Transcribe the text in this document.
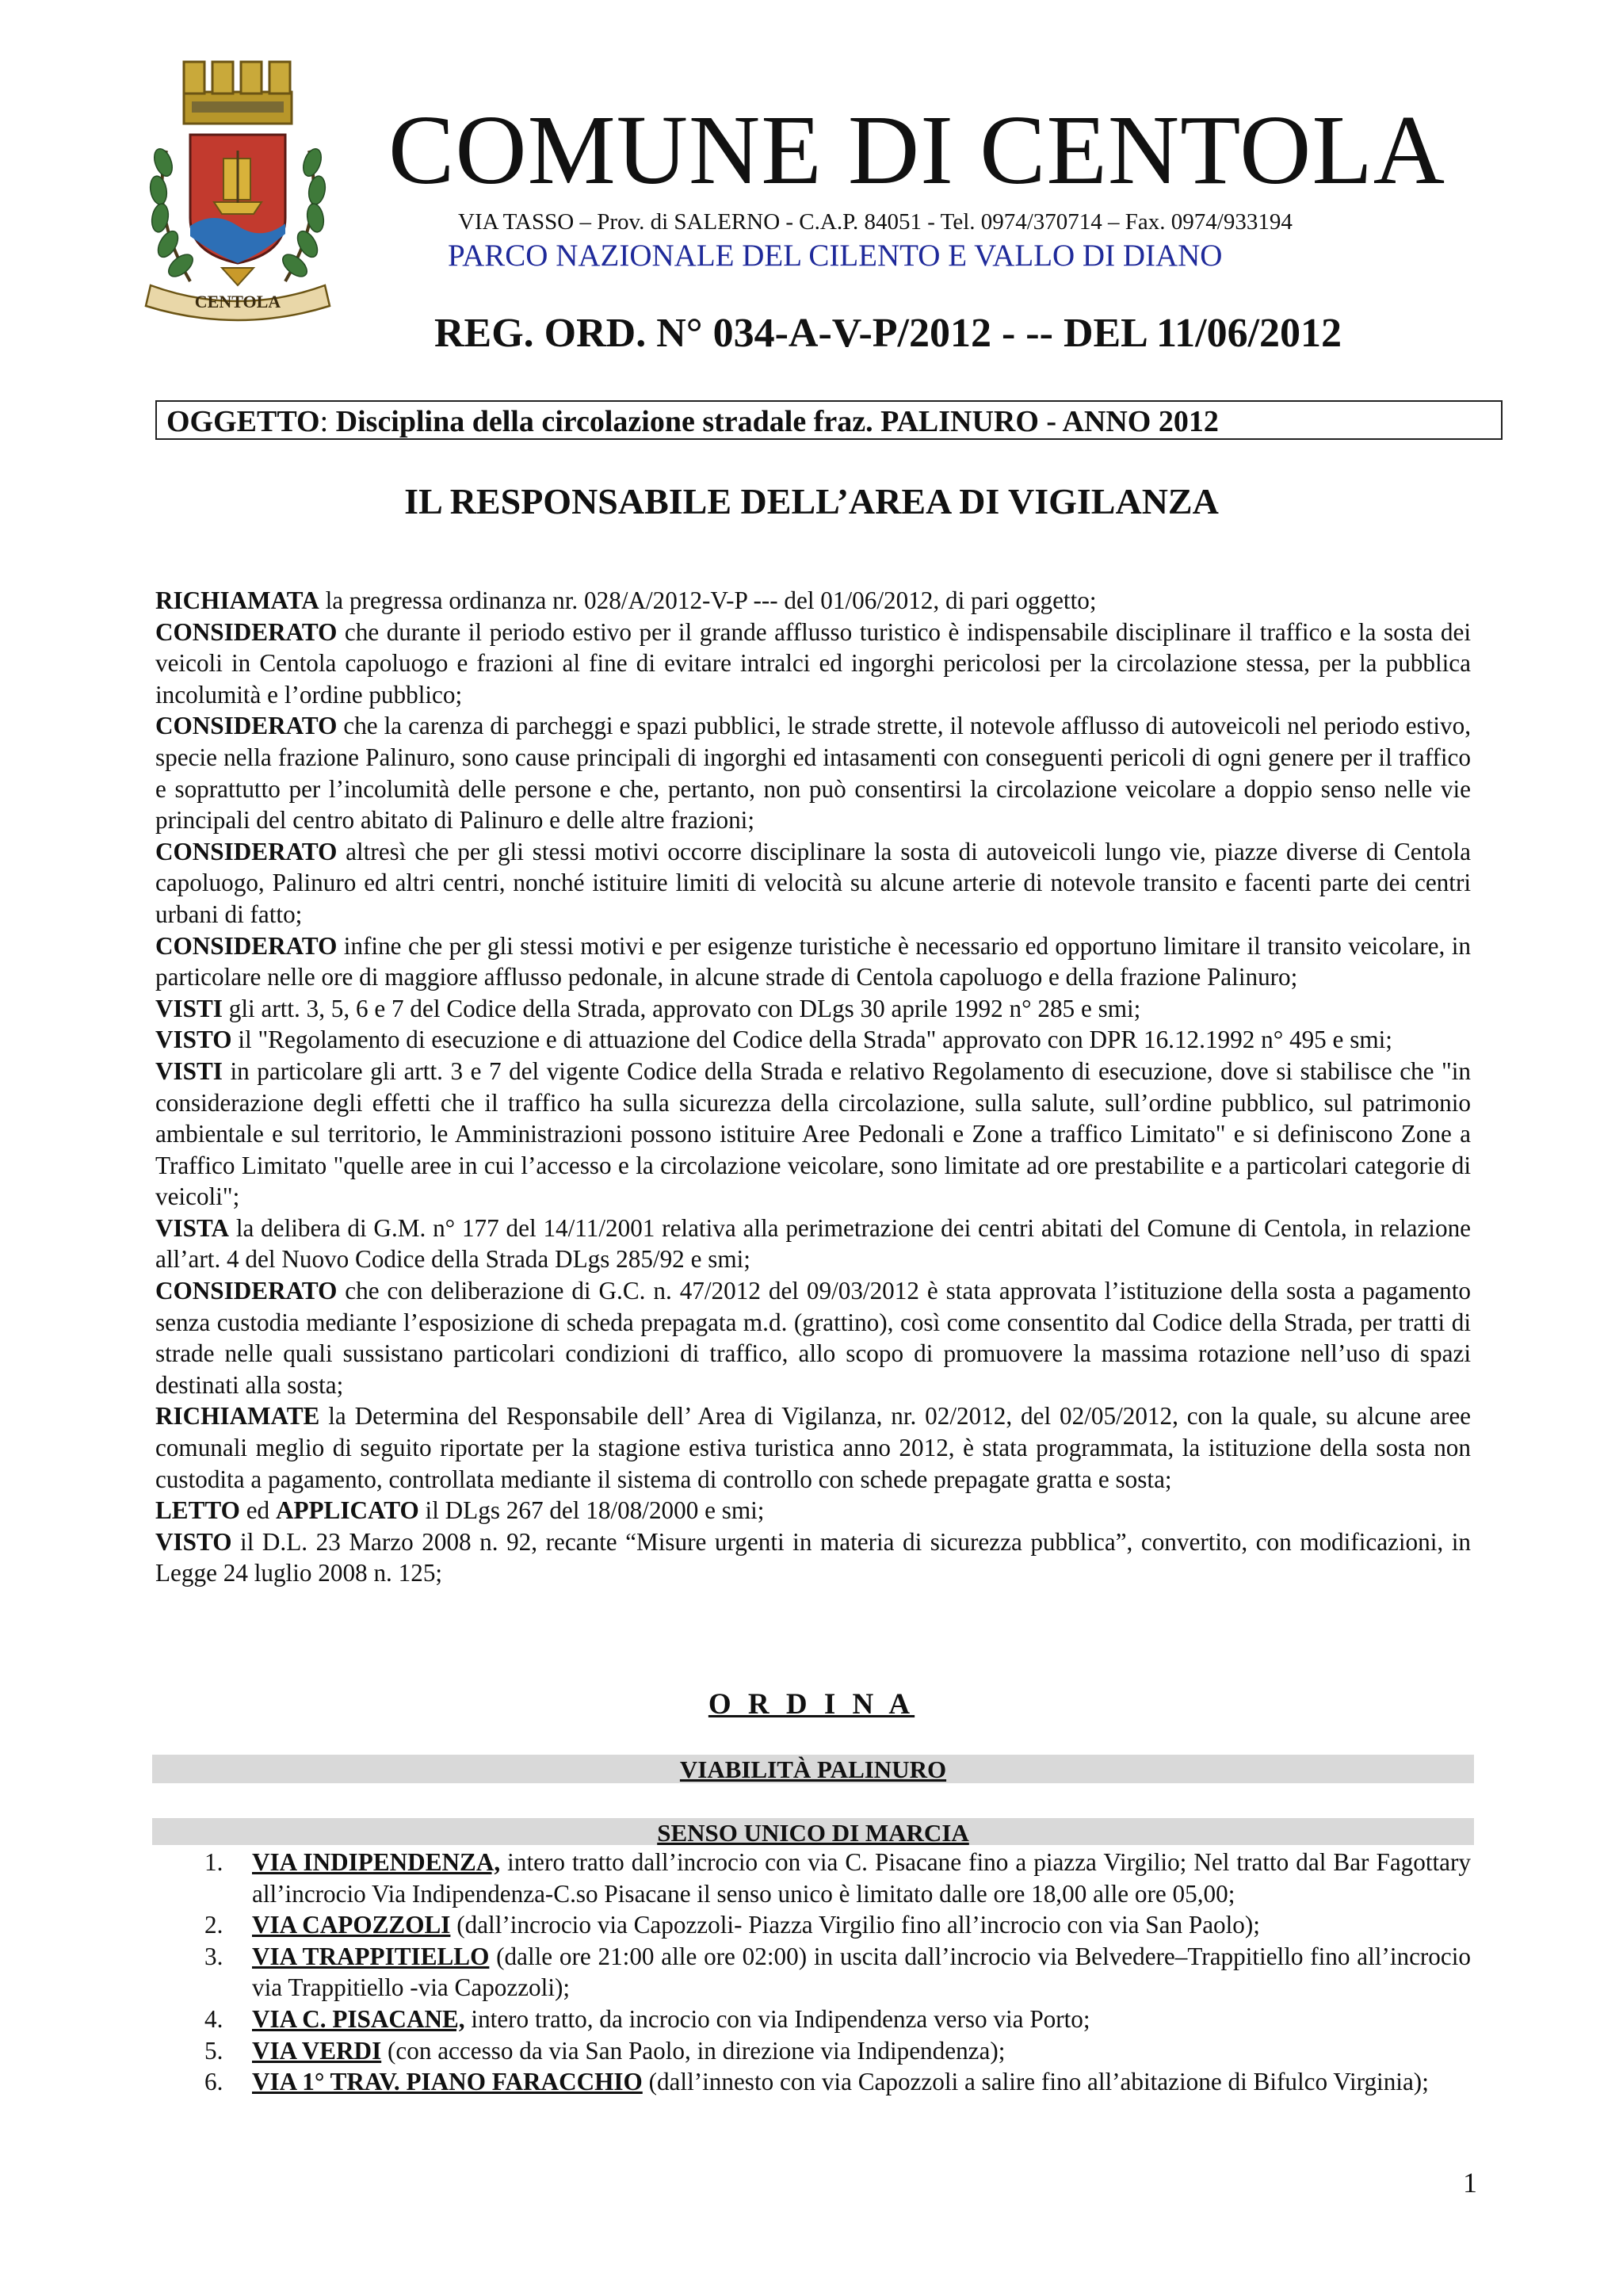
CENTOLA
COMUNE DI CENTOLA
VIA TASSO – Prov. di SALERNO - C.A.P. 84051 - Tel. 0974/370714 – Fax. 0974/933194
PARCO NAZIONALE DEL CILENTO E VALLO DI DIANO
REG. ORD. N° 034-A-V-P/2012 - -- DEL 11/06/2012
OGGETTO: Disciplina della circolazione stradale fraz. PALINURO - ANNO 2012
IL RESPONSABILE DELL’AREA DI VIGILANZA

RICHIAMATA la pregressa ordinanza nr. 028/A/2012-V-P --- del 01/06/2012, di pari oggetto;

CONSIDERATO che durante il periodo estivo per il grande afflusso turistico è indispensabile disciplinare il traffico e la sosta dei veicoli in Centola capoluogo e frazioni al fine di evitare intralci ed ingorghi pericolosi per la circolazione stessa, per la pubblica incolumità e l’ordine pubblico;

CONSIDERATO che la carenza di parcheggi e spazi pubblici, le strade strette, il notevole afflusso di autoveicoli nel periodo estivo, specie nella frazione Palinuro, sono cause principali di ingorghi ed intasamenti con conseguenti pericoli di ogni genere per il traffico e soprattutto per l’incolumità delle persone e che, pertanto, non può consentirsi la circolazione veicolare a doppio senso nelle vie principali del centro abitato di Palinuro e delle altre frazioni;

CONSIDERATO altresì che per gli stessi motivi occorre disciplinare la sosta di autoveicoli lungo vie, piazze diverse di Centola capoluogo, Palinuro ed altri centri, nonché istituire limiti di velocità su alcune arterie di notevole transito e facenti parte dei centri urbani di fatto;

CONSIDERATO infine che per gli stessi motivi e per esigenze turistiche è necessario ed opportuno limitare il transito veicolare, in particolare nelle ore di maggiore afflusso pedonale, in alcune strade di Centola capoluogo e della frazione Palinuro;

VISTI gli artt. 3, 5, 6 e 7 del Codice della Strada, approvato con DLgs 30 aprile 1992 n° 285 e smi;

VISTO il "Regolamento di esecuzione e di attuazione del Codice della Strada" approvato con DPR 16.12.1992 n° 495 e smi;

VISTI in particolare gli artt. 3 e 7 del vigente Codice della Strada e relativo Regolamento di esecuzione, dove si stabilisce che "in considerazione degli effetti che il traffico ha sulla sicurezza della circolazione, sulla salute, sull’ordine pubblico, sul patrimonio ambientale e sul territorio, le Amministrazioni possono istituire Aree Pedonali e Zone a traffico Limitato" e si definiscono Zone a Traffico Limitato "quelle aree in cui l’accesso e la circolazione veicolare, sono limitate ad ore prestabilite e a particolari categorie di veicoli";

VISTA la delibera di G.M. n° 177 del 14/11/2001 relativa alla perimetrazione dei centri abitati del Comune di Centola, in relazione all’art. 4 del Nuovo Codice della Strada DLgs 285/92 e smi;

CONSIDERATO che con deliberazione di G.C. n. 47/2012 del 09/03/2012 è stata approvata l’istituzione della sosta a pagamento senza custodia mediante l’esposizione di scheda prepagata m.d. (grattino), così come consentito dal Codice della Strada, per tratti di strade nelle quali sussistano particolari condizioni di traffico, allo scopo di promuovere la massima rotazione nell’uso di spazi destinati alla sosta;

RICHIAMATE la Determina del Responsabile dell’ Area di Vigilanza, nr. 02/2012, del 02/05/2012, con la quale, su alcune aree comunali meglio di seguito riportate per la stagione estiva turistica anno 2012, è stata programmata, la istituzione della sosta non custodita a pagamento, controllata mediante il sistema di controllo con schede prepagate gratta e sosta;

LETTO ed APPLICATO il DLgs 267 del 18/08/2000 e smi;

VISTO il D.L. 23 Marzo 2008 n. 92, recante “Misure urgenti in materia di sicurezza pubblica”, convertito, con modificazioni, in Legge 24 luglio 2008 n. 125;

O R D I N A
VIABILITÀ PALINURO
SENSO UNICO DI MARCIA
1. VIA INDIPENDENZA, intero tratto dall’incrocio con via C. Pisacane fino a piazza Virgilio; Nel tratto dal Bar Fagottary all’incrocio Via Indipendenza-C.so Pisacane il senso unico è limitato dalle ore 18,00 alle ore 05,00;
2. VIA CAPOZZOLI (dall’incrocio via Capozzoli- Piazza Virgilio fino all’incrocio con via San Paolo);
3. VIA TRAPPITIELLO (dalle ore 21:00 alle ore 02:00) in uscita dall’incrocio via Belvedere–Trappitiello fino all’incrocio via Trappitiello -via Capozzoli);
4. VIA C. PISACANE, intero tratto, da incrocio con via Indipendenza verso via Porto;
5. VIA VERDI (con accesso da via San Paolo, in direzione via Indipendenza);
6. VIA 1° TRAV. PIANO FARACCHIO (dall’innesto con via Capozzoli a salire fino all’abitazione di Bifulco Virginia);
1
